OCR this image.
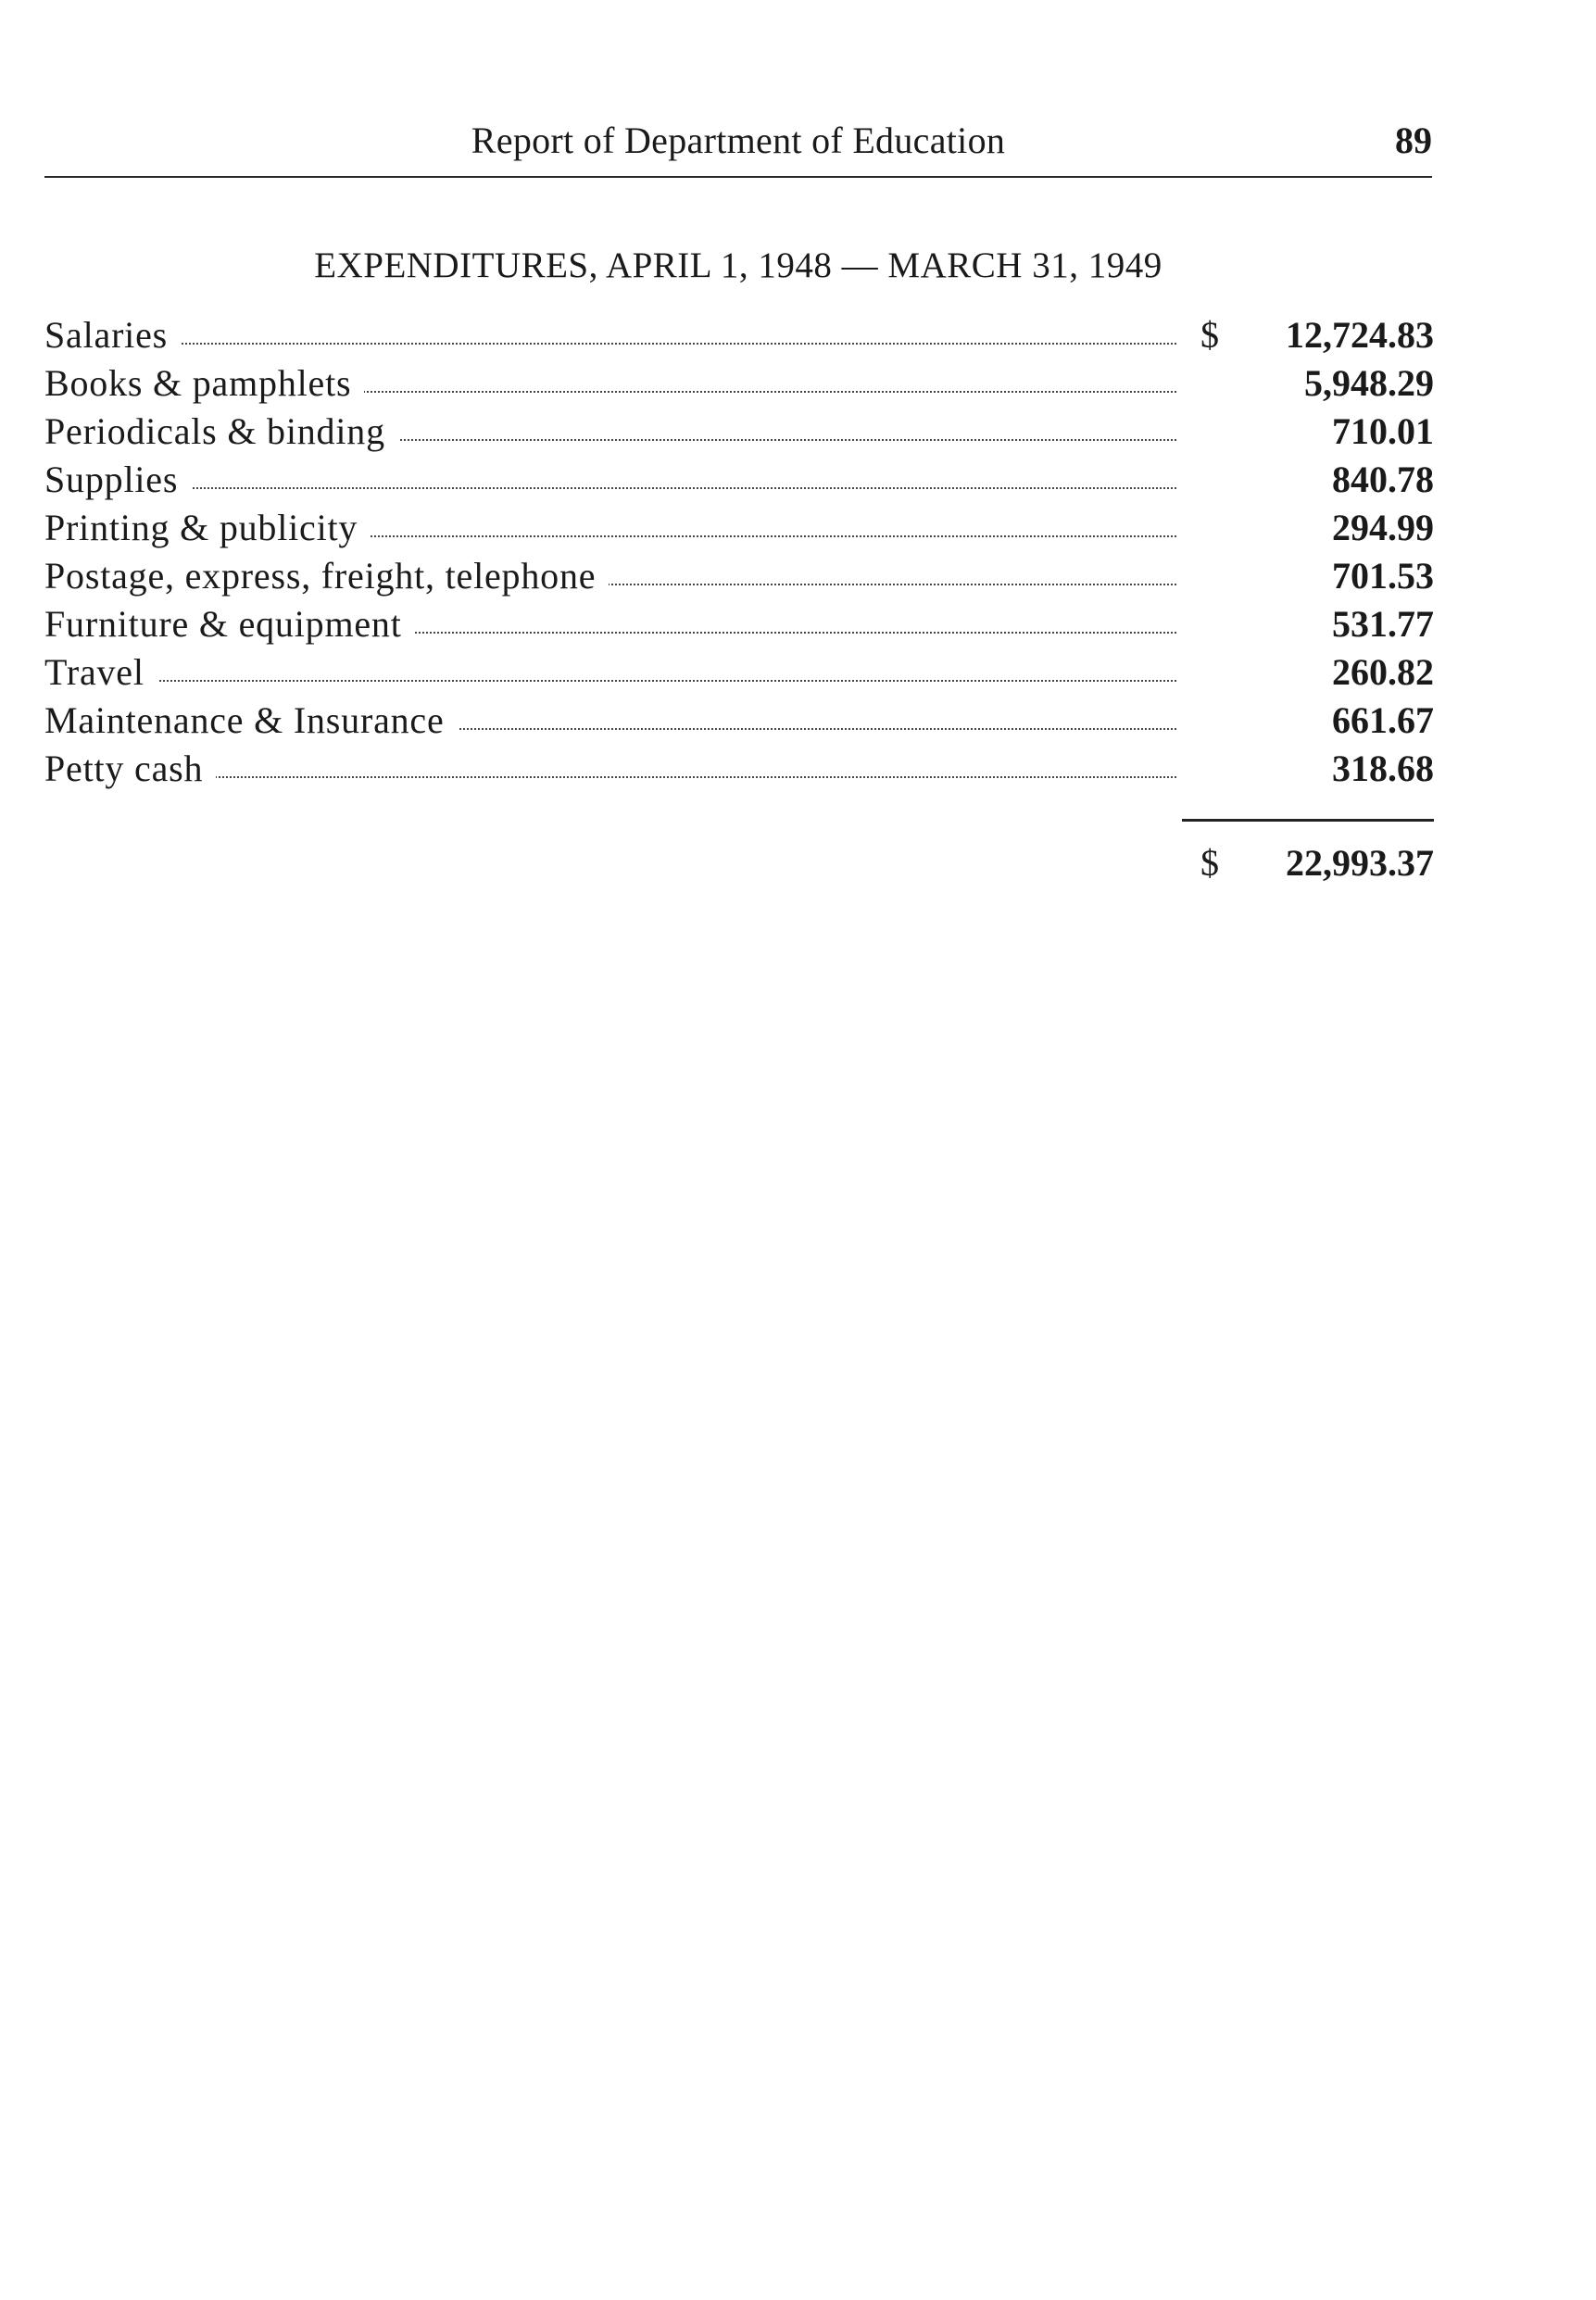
Report of Department of Education	89
EXPENDITURES, APRIL 1, 1948 — MARCH 31, 1949
Salaries	$ 12,724.83
Books & pamphlets	5,948.29
Periodicals & binding	710.01
Supplies	840.78
Printing & publicity	294.99
Postage, express, freight, telephone	701.53
Furniture & equipment	531.77
Travel	260.82
Maintenance & Insurance	661.67
Petty cash	318.68
$ 22,993.37
